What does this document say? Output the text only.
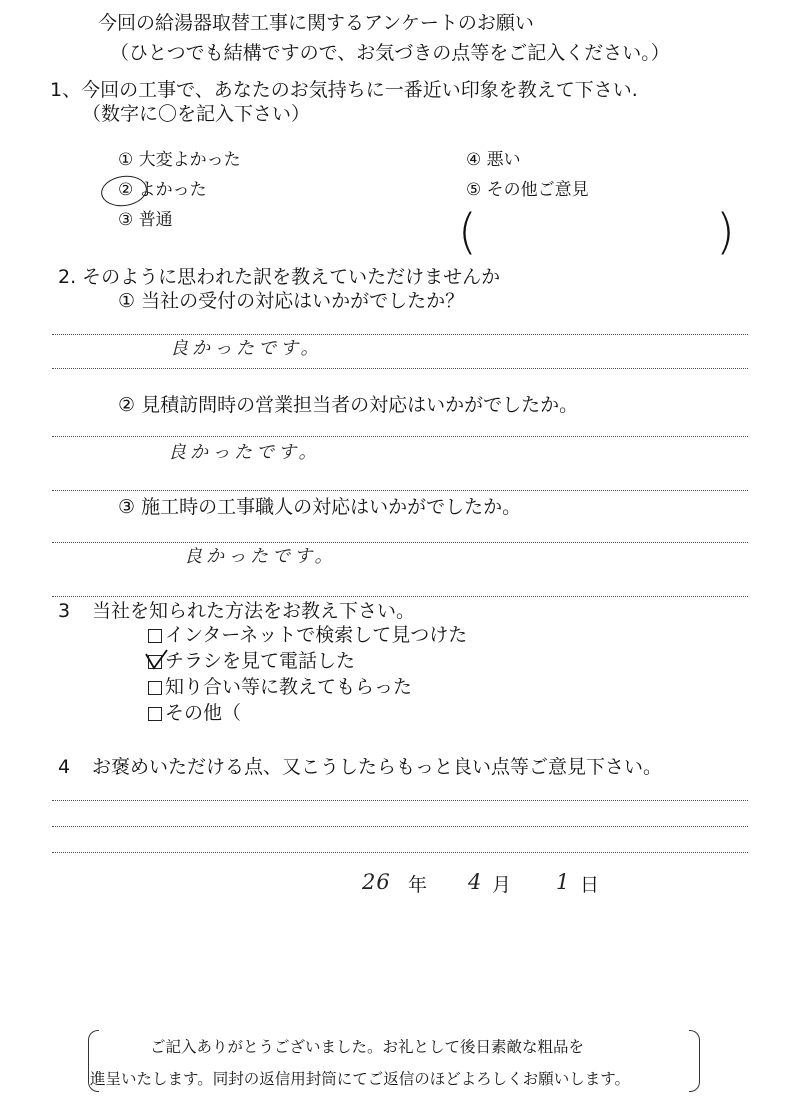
今回の給湯器取替工事に関するアンケートのお願い
（ひとつでも結構ですので、お気づきの点等をご記入ください。）
1、今回の工事で、あなたのお気持ちに一番近い印象を教えて下さい.
（数字に〇を記入下さい）
① 大変よかった
② よかった
③ 普通
④ 悪い
⑤ その他ご意見
(	)
2. そのように思われた訳を教えていただけませんか
① 当社の受付の対応はいかがでしたか？
良かったです。
② 見積訪問時の営業担当者の対応はいかがでしたか。
良かったです。
③ 施工時の工事職人の対応はいかがでしたか。
良かったです。
3 当社を知られた方法をお教え下さい。
インターネットで検索して見つけた
チラシを見て電話した
知り合い等に教えてもらった
その他（
4 お褒めいただける点、又こうしたらもっと良い点等ご意見下さい。
26 年 4 月 1 日
ご記入ありがとうございました。お礼として後日素敵な粗品を
進呈いたします。同封の返信用封筒にてご返信のほどよろしくお願いします。
